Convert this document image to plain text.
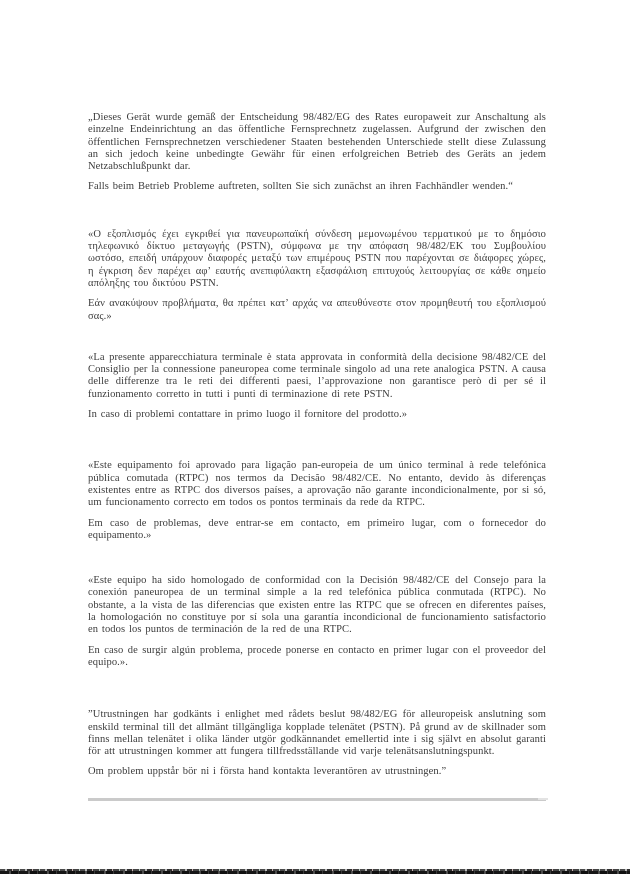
„Dieses Gerät wurde gemäß der Entscheidung 98/482/EG des Rates europaweit zur Anschaltung als einzelne Endeinrichtung an das öffentliche Fernsprechnetz zugelassen. Aufgrund der zwischen den öffentlichen Fernsprechnetzen verschiedener Staaten bestehenden Unterschiede stellt diese Zulassung an sich jedoch keine unbedingte Gewähr für einen erfolgreichen Betrieb des Geräts an jedem Netzabschlußpunkt dar.

Falls beim Betrieb Probleme auftreten, sollten Sie sich zunächst an ihren Fachhändler wenden.“

«Ο εξοπλισμός έχει εγκριθεί για πανευρωπαϊκή σύνδεση μεμονωμένου τερματικού με το δημόσιο τηλεφωνικό δίκτυο μεταγωγής (PSTN), σύμφωνα με την απόφαση 98/482/ΕΚ του Συμβουλίου ωστόσο, επειδή υπάρχουν διαφορές μεταξύ των επιμέρους PSTN που παρέχονται σε διάφορες χώρες, η έγκριση δεν παρέχει αφ’ εαυτής ανεπιφύλακτη εξασφάλιση επιτυχούς λειτουργίας σε κάθε σημείο απόληξης του δικτύου PSTN.

Εάν ανακύψουν προβλήματα, θα πρέπει κατ’ αρχάς να απευθύνεστε στον προμηθευτή του εξοπλισμού σας.»

«La presente apparecchiatura terminale è stata approvata in conformità della decisione 98/482/CE del Consiglio per la connessione paneuropea come terminale singolo ad una rete analogica PSTN. A causa delle differenze tra le reti dei differenti paesi, l’approvazione non garantisce però di per sé il funzionamento corretto in tutti i punti di terminazione di rete PSTN.

In caso di problemi contattare in primo luogo il fornitore del prodotto.»

«Este equipamento foi aprovado para ligação pan-europeia de um único terminal à rede telefónica pública comutada (RTPC) nos termos da Decisão 98/482/CE. No entanto, devido às diferenças existentes entre as RTPC dos diversos países, a aprovação não garante incondicionalmente, por si só, um funcionamento correcto em todos os pontos terminais da rede da RTPC.

Em caso de problemas, deve entrar-se em contacto, em primeiro lugar, com o fornecedor do equipamento.»

«Este equipo ha sido homologado de conformidad con la Decisión 98/482/CE del Consejo para la conexión paneuropea de un terminal simple a la red telefónica pública conmutada (RTPC). No obstante, a la vista de las diferencias que existen entre las RTPC que se ofrecen en diferentes países, la homologación no constituye por sí sola una garantía incondicional de funcionamiento satisfactorio en todos los puntos de terminación de la red de una RTPC.

En caso de surgir algún problema, procede ponerse en contacto en primer lugar con el proveedor del equipo.».

”Utrustningen har godkänts i enlighet med rådets beslut 98/482/EG för alleuropeisk anslutning som enskild terminal till det allmänt tillgängliga kopplade telenätet (PSTN). På grund av de skillnader som finns mellan telenätet i olika länder utgör godkännandet emellertid inte i sig självt en absolut garanti för att utrustningen kommer att fungera tillfredsställande vid varje telenätsanslutningspunkt.

Om problem uppstår bör ni i första hand kontakta leverantören av utrustningen.”
